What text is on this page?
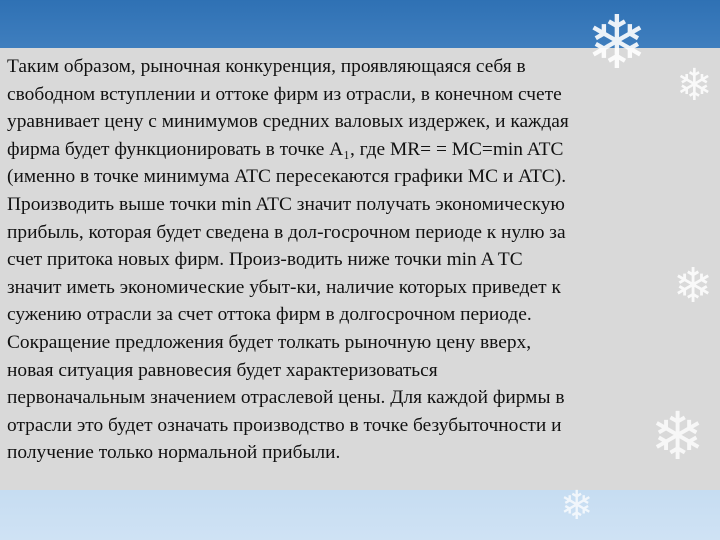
❄ ❄
❄
❄
❄

Таким образом, рыночная конкуренция, проявляющаяся себя в
свободном вступлении и оттоке фирм из отрасли, в конечном счете
уравнивает цену с минимумов средних валовых издержек, и каждая
фирма будет функционировать в точке А₁, где MR= = MC=min ATC
(именно в точке минимума ATC пересекаются графики MC и ATC).
Производить выше точки min ATC значит получать экономическую
прибыль, которая будет сведена в дол-госрочном периоде к нулю за
счет притока новых фирм. Произ-водить ниже точки min A TC
значит иметь экономические убыт-ки, наличие которых приведет к
сужению отрасли за счет оттока фирм в долгосрочном периоде.
Сокращение предложения будет толкать рыночную цену вверх,
новая ситуация равновесия будет характеризоваться
первоначальным значением отраслевой цены. Для каждой фирмы в
отрасли это будет означать производство в точке безубыточности и
получение только нормальной прибыли.
